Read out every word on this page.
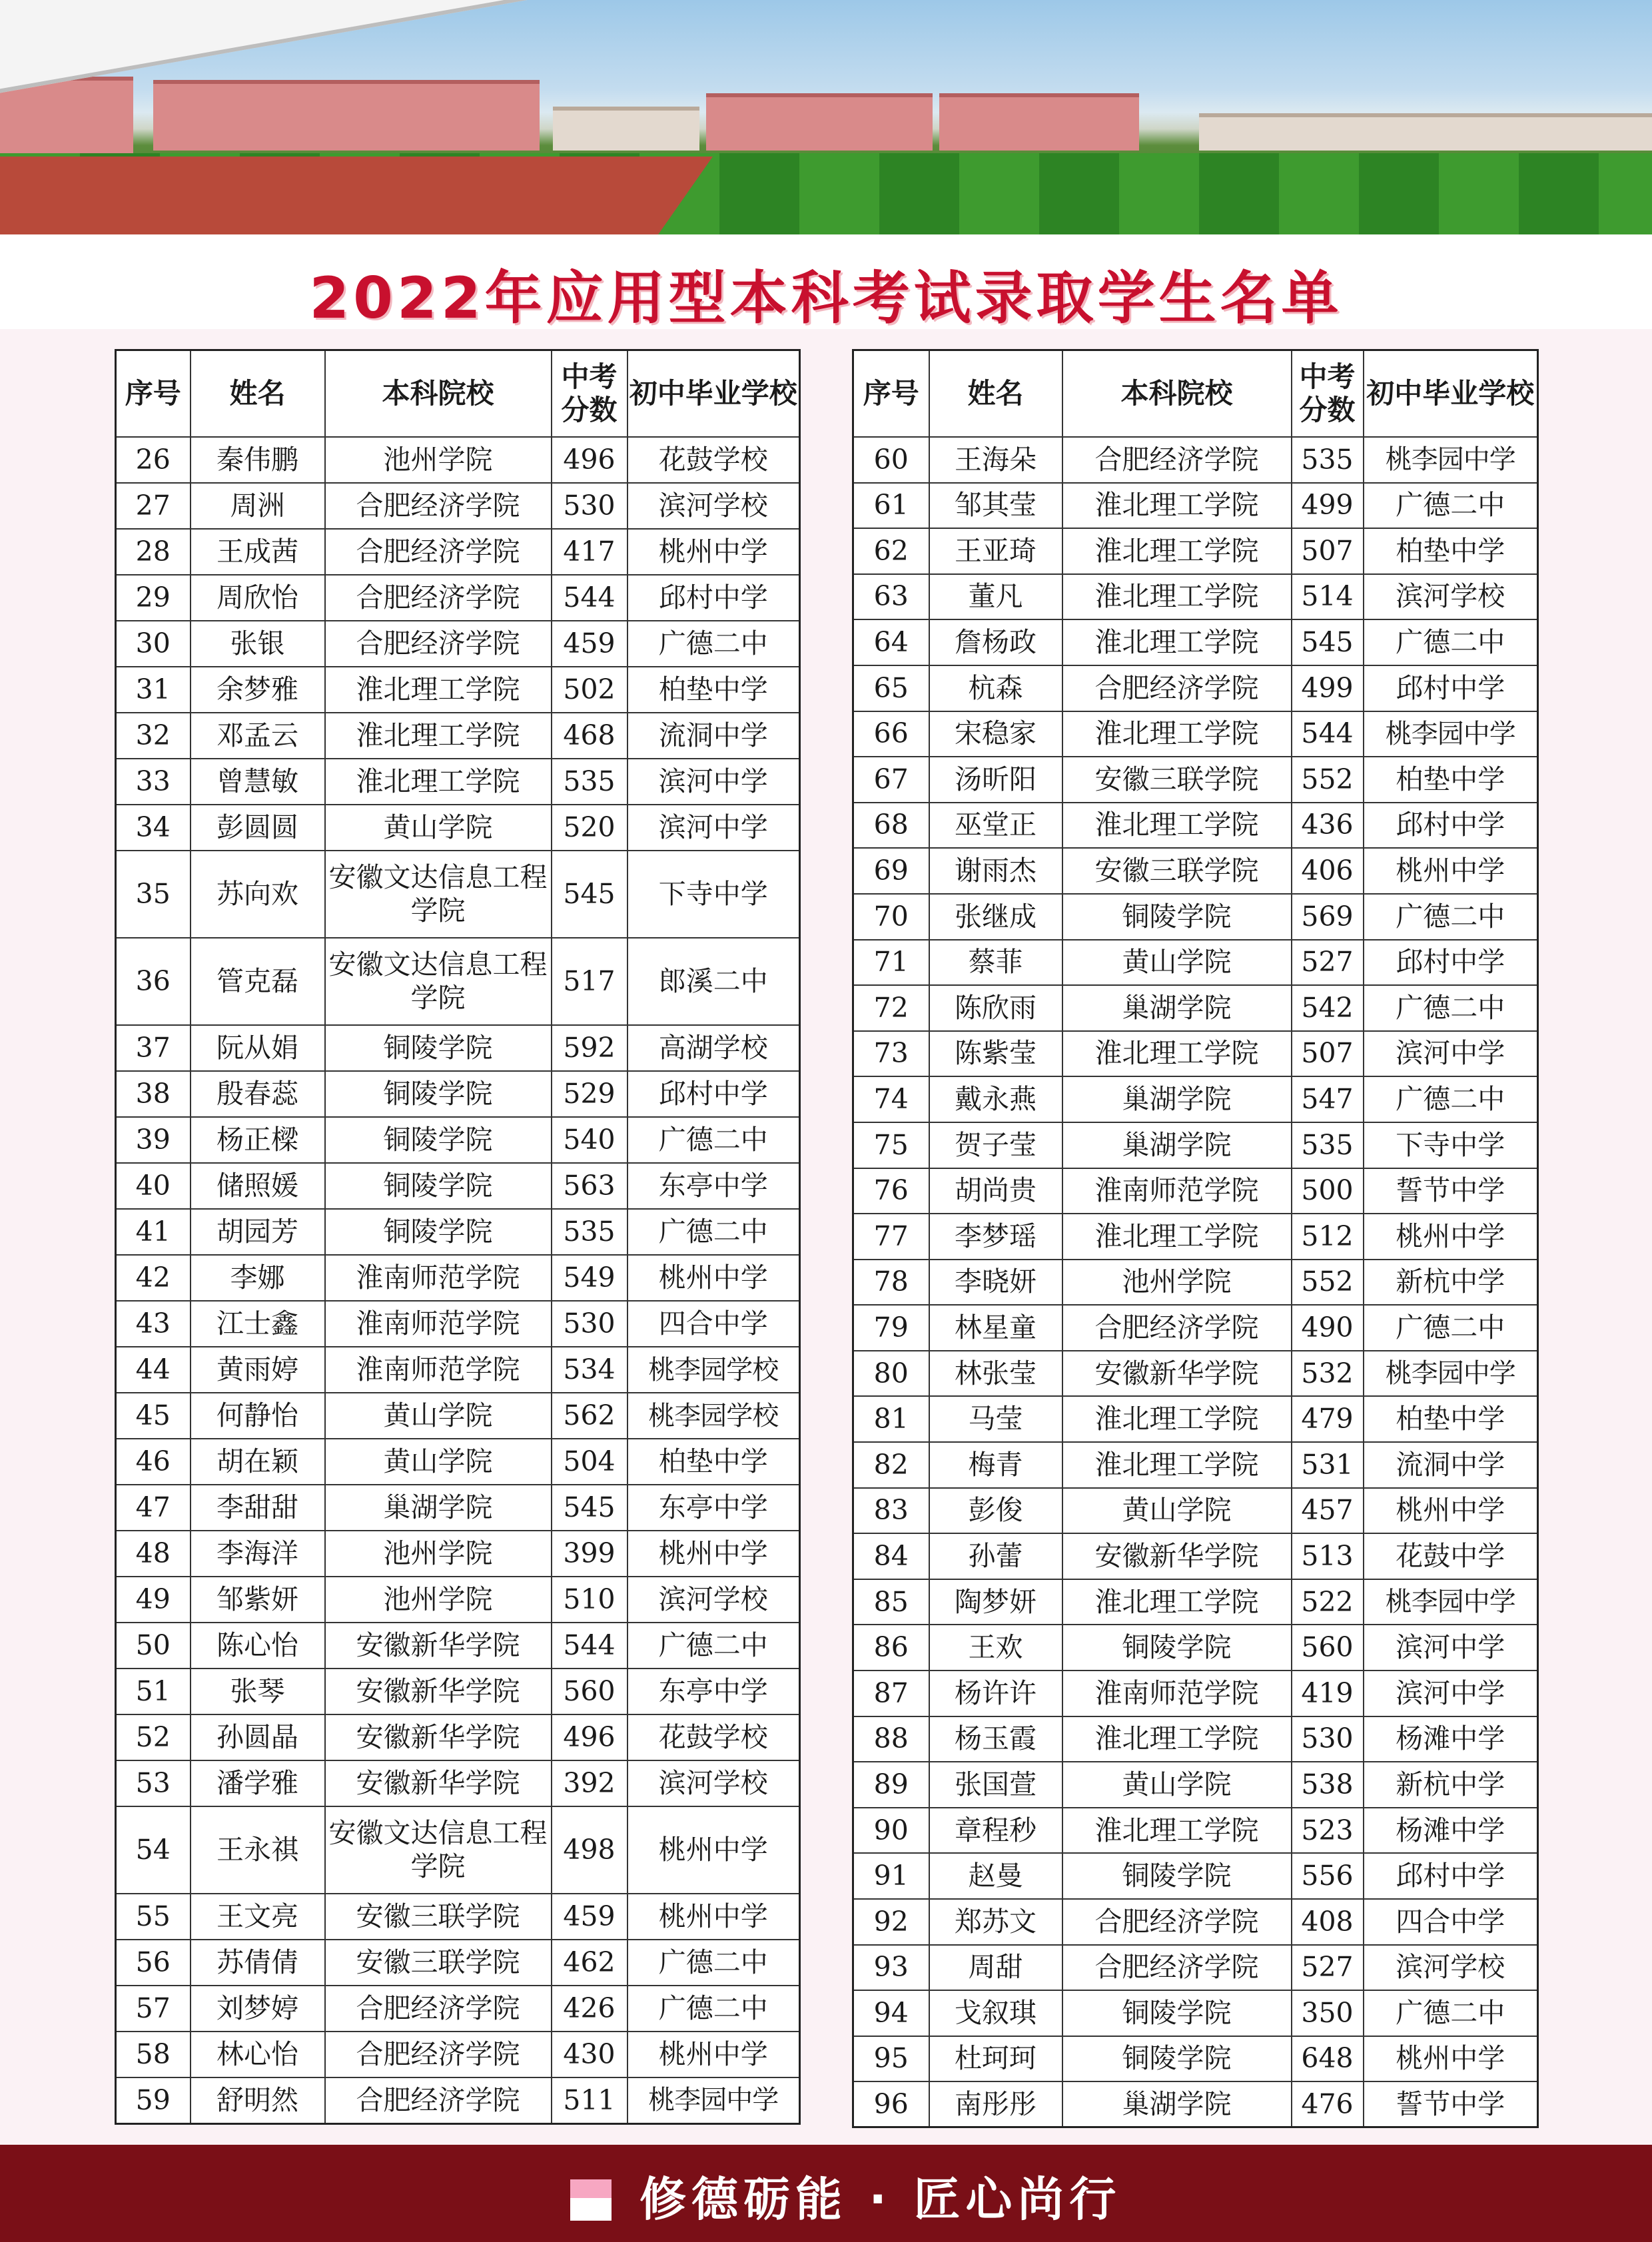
2022年应用型本科考试录取学生名单
序号	姓名	本科院校	中考分数	初中毕业学校
26	秦伟鹏	池州学院	496	花鼓学校
27	周洲	合肥经济学院	530	滨河学校
28	王成茜	合肥经济学院	417	桃州中学
29	周欣怡	合肥经济学院	544	邱村中学
30	张银	合肥经济学院	459	广德二中
31	余梦雅	淮北理工学院	502	柏垫中学
32	邓孟云	淮北理工学院	468	流洞中学
33	曾慧敏	淮北理工学院	535	滨河中学
34	彭圆圆	黄山学院	520	滨河中学
35	苏向欢	安徽文达信息工程学院	545	下寺中学
36	管克磊	安徽文达信息工程学院	517	郎溪二中
37	阮从娟	铜陵学院	592	高湖学校
38	殷春蕊	铜陵学院	529	邱村中学
39	杨正樑	铜陵学院	540	广德二中
40	储照媛	铜陵学院	563	东亭中学
41	胡园芳	铜陵学院	535	广德二中
42	李娜	淮南师范学院	549	桃州中学
43	江士鑫	淮南师范学院	530	四合中学
44	黄雨婷	淮南师范学院	534	桃李园学校
45	何静怡	黄山学院	562	桃李园学校
46	胡在颖	黄山学院	504	柏垫中学
47	李甜甜	巢湖学院	545	东亭中学
48	李海洋	池州学院	399	桃州中学
49	邹紫妍	池州学院	510	滨河学校
50	陈心怡	安徽新华学院	544	广德二中
51	张琴	安徽新华学院	560	东亭中学
52	孙圆晶	安徽新华学院	496	花鼓学校
53	潘学雅	安徽新华学院	392	滨河学校
54	王永祺	安徽文达信息工程学院	498	桃州中学
55	王文亮	安徽三联学院	459	桃州中学
56	苏倩倩	安徽三联学院	462	广德二中
57	刘梦婷	合肥经济学院	426	广德二中
58	林心怡	合肥经济学院	430	桃州中学
59	舒明然	合肥经济学院	511	桃李园中学
序号	姓名	本科院校	中考分数	初中毕业学校
60	王海朵	合肥经济学院	535	桃李园中学
61	邹其莹	淮北理工学院	499	广德二中
62	王亚琦	淮北理工学院	507	柏垫中学
63	董凡	淮北理工学院	514	滨河学校
64	詹杨政	淮北理工学院	545	广德二中
65	杭森	合肥经济学院	499	邱村中学
66	宋稳家	淮北理工学院	544	桃李园中学
67	汤昕阳	安徽三联学院	552	柏垫中学
68	巫堂正	淮北理工学院	436	邱村中学
69	谢雨杰	安徽三联学院	406	桃州中学
70	张继成	铜陵学院	569	广德二中
71	蔡菲	黄山学院	527	邱村中学
72	陈欣雨	巢湖学院	542	广德二中
73	陈紫莹	淮北理工学院	507	滨河中学
74	戴永燕	巢湖学院	547	广德二中
75	贺子莹	巢湖学院	535	下寺中学
76	胡尚贵	淮南师范学院	500	誓节中学
77	李梦瑶	淮北理工学院	512	桃州中学
78	李晓妍	池州学院	552	新杭中学
79	林星童	合肥经济学院	490	广德二中
80	林张莹	安徽新华学院	532	桃李园中学
81	马莹	淮北理工学院	479	柏垫中学
82	梅青	淮北理工学院	531	流洞中学
83	彭俊	黄山学院	457	桃州中学
84	孙蕾	安徽新华学院	513	花鼓中学
85	陶梦妍	淮北理工学院	522	桃李园中学
86	王欢	铜陵学院	560	滨河中学
87	杨许许	淮南师范学院	419	滨河中学
88	杨玉霞	淮北理工学院	530	杨滩中学
89	张国萱	黄山学院	538	新杭中学
90	章程秒	淮北理工学院	523	杨滩中学
91	赵曼	铜陵学院	556	邱村中学
92	郑苏文	合肥经济学院	408	四合中学
93	周甜	合肥经济学院	527	滨河学校
94	戈叙琪	铜陵学院	350	广德二中
95	杜珂珂	铜陵学院	648	桃州中学
96	南彤彤	巢湖学院	476	誓节中学
修德砺能 · 匠心尚行
